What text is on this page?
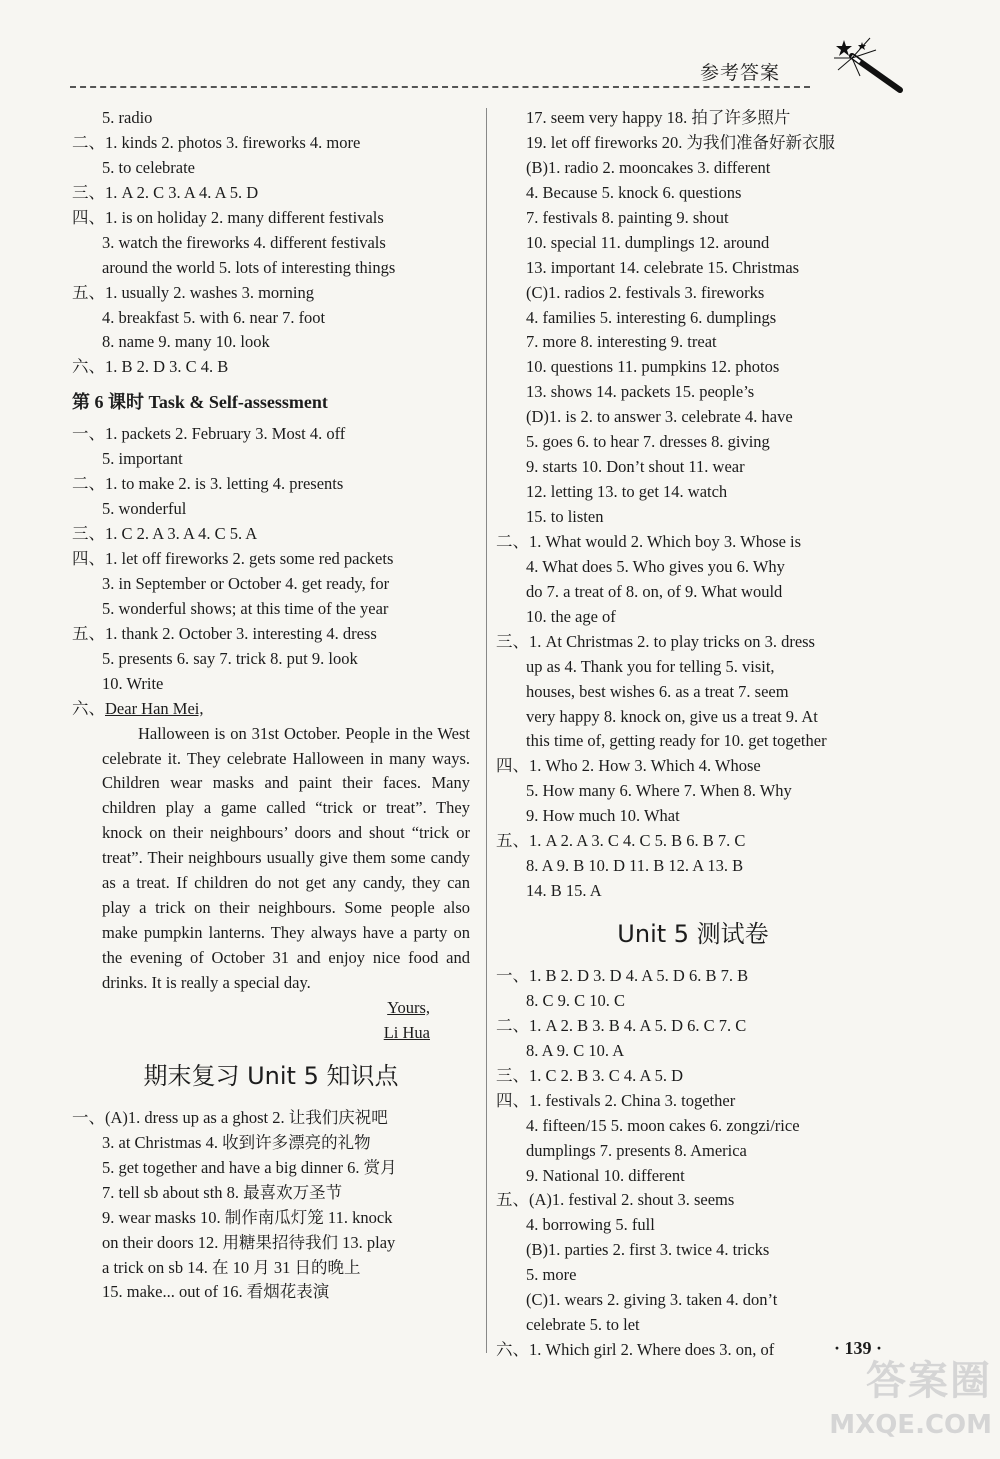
参考答案
5. radio
二、1. kinds 2. photos 3. fireworks 4. more
5. to celebrate
三、1. A 2. C 3. A 4. A 5. D
四、1. is on holiday 2. many different festivals
3. watch the fireworks 4. different festivals
around the world 5. lots of interesting things
五、1. usually 2. washes 3. morning
4. breakfast 5. with 6. near 7. foot
8. name 9. many 10. look
六、1. B 2. D 3. C 4. B
第 6 课时 Task & Self-assessment
一、1. packets 2. February 3. Most 4. off
5. important
二、1. to make 2. is 3. letting 4. presents
5. wonderful
三、1. C 2. A 3. A 4. C 5. A
四、1. let off fireworks 2. gets some red packets
3. in September or October 4. get ready, for
5. wonderful shows; at this time of the year
五、1. thank 2. October 3. interesting 4. dress
5. presents 6. say 7. trick 8. put 9. look
10. Write
六、Dear Han Mei,
Halloween is on 31st October. People in the West celebrate it. They celebrate Halloween in many ways. Children wear masks and paint their faces. Many children play a game called “trick or treat”. They knock on their neighbours’ doors and shout “trick or treat”. Their neighbours usually give them some candy as a treat. If children do not get any candy, they can play a trick on their neighbours. Some people also make pumpkin lanterns. They always have a party on the evening of October 31 and enjoy nice food and drinks. It is really a special day.
Yours,
Li Hua
期末复习 Unit 5 知识点
一、(A)1. dress up as a ghost 2. 让我们庆祝吧
3. at Christmas 4. 收到许多漂亮的礼物
5. get together and have a big dinner 6. 赏月
7. tell sb about sth 8. 最喜欢万圣节
9. wear masks 10. 制作南瓜灯笼 11. knock
on their doors 12. 用糖果招待我们 13. play
a trick on sb 14. 在 10 月 31 日的晚上
15. make... out of 16. 看烟花表演
17. seem very happy 18. 拍了许多照片
19. let off fireworks 20. 为我们准备好新衣服
(B)1. radio 2. mooncakes 3. different
4. Because 5. knock 6. questions
7. festivals 8. painting 9. shout
10. special 11. dumplings 12. around
13. important 14. celebrate 15. Christmas
(C)1. radios 2. festivals 3. fireworks
4. families 5. interesting 6. dumplings
7. more 8. interesting 9. treat
10. questions 11. pumpkins 12. photos
13. shows 14. packets 15. people’s
(D)1. is 2. to answer 3. celebrate 4. have
5. goes 6. to hear 7. dresses 8. giving
9. starts 10. Don’t shout 11. wear
12. letting 13. to get 14. watch
15. to listen
二、1. What would 2. Which boy 3. Whose is
4. What does 5. Who gives you 6. Why
do 7. a treat of 8. on, of 9. What would
10. the age of
三、1. At Christmas 2. to play tricks on 3. dress
up as 4. Thank you for telling 5. visit,
houses, best wishes 6. as a treat 7. seem
very happy 8. knock on, give us a treat 9. At
this time of, getting ready for 10. get together
四、1. Who 2. How 3. Which 4. Whose
5. How many 6. Where 7. When 8. Why
9. How much 10. What
五、1. A 2. A 3. C 4. C 5. B 6. B 7. C
8. A 9. B 10. D 11. B 12. A 13. B
14. B 15. A
Unit 5 测试卷
一、1. B 2. D 3. D 4. A 5. D 6. B 7. B
8. C 9. C 10. C
二、1. A 2. B 3. B 4. A 5. D 6. C 7. C
8. A 9. C 10. A
三、1. C 2. B 3. C 4. A 5. D
四、1. festivals 2. China 3. together
4. fifteen/15 5. moon cakes 6. zongzi/rice
dumplings 7. presents 8. America
9. National 10. different
五、(A)1. festival 2. shout 3. seems
4. borrowing 5. full
(B)1. parties 2. first 3. twice 4. tricks
5. more
(C)1. wears 2. giving 3. taken 4. don’t
celebrate 5. to let
六、1. Which girl 2. Where does 3. on, of	· 139 ·
答案圈
MXQE.COM
